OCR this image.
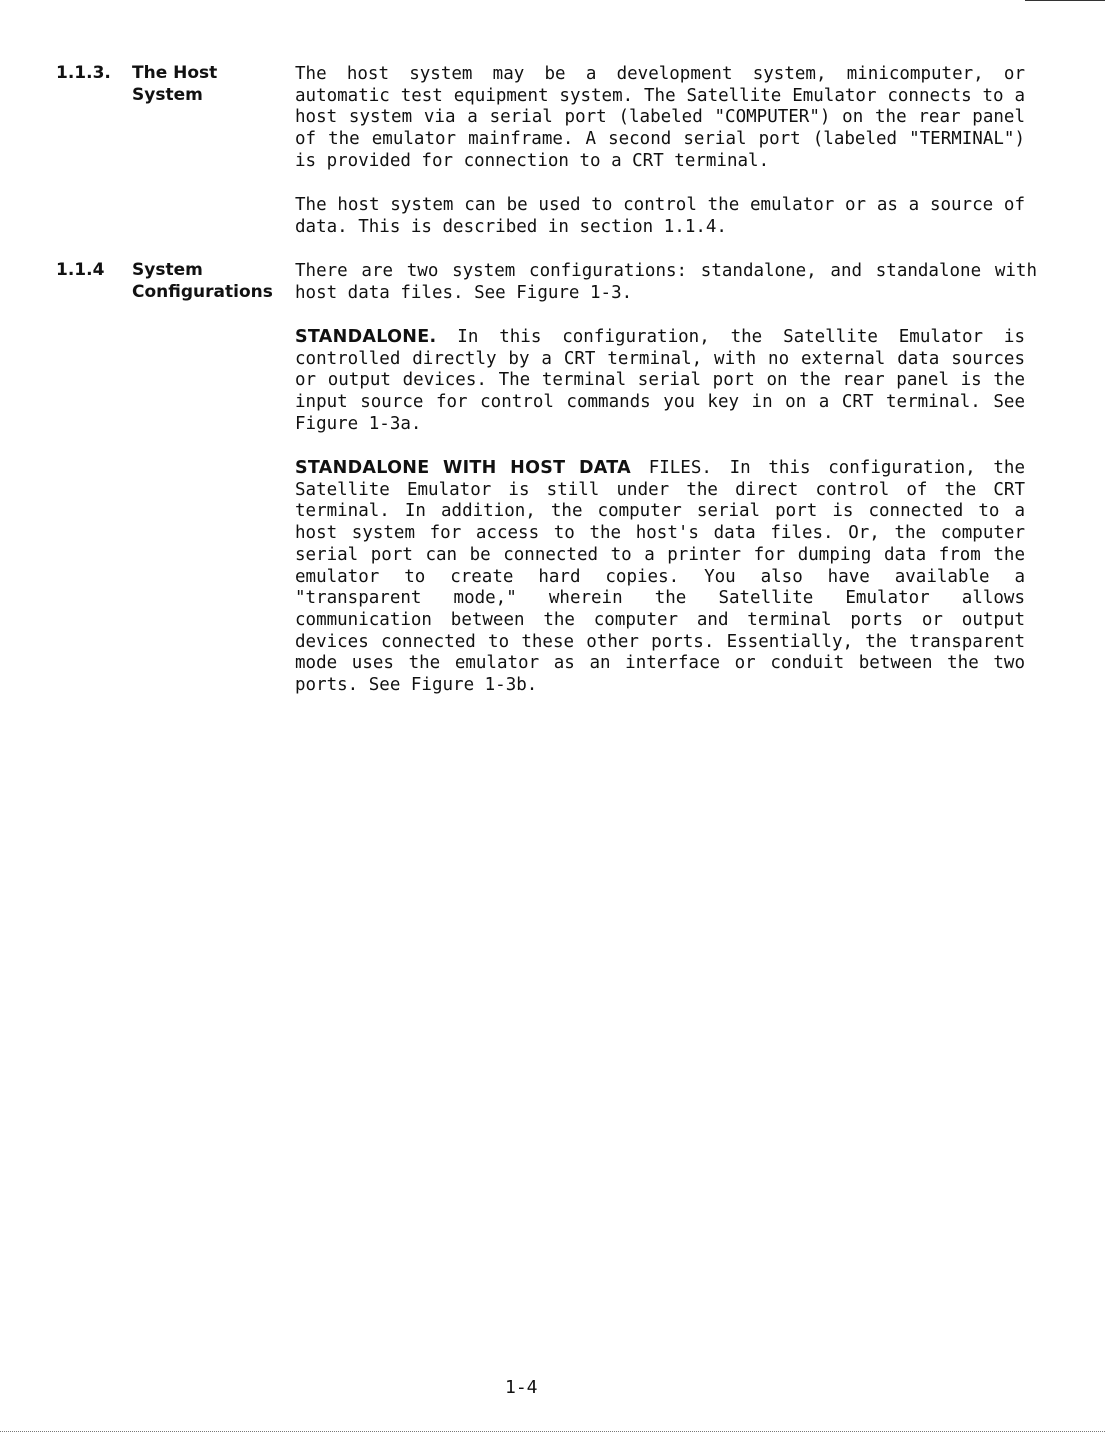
1.1.3. The Host
System

The host system may be a development system, minicomputer, or automatic test equipment system. The Satellite Emulator connects to a host system via a serial port (labeled "COMPUTER") on the rear panel of the emulator mainframe. A second serial port (labeled "TERMINAL") is provided for connection to a CRT terminal.

The host system can be used to control the emulator or as a source of data. This is described in section 1.1.4.

1.1.4 System
Configurations

There are two system configurations: standalone, and standalone with host data files. See Figure 1-3.

STANDALONE. In this configuration, the Satellite Emulator is controlled directly by a CRT terminal, with no external data sources or output devices. The terminal serial port on the rear panel is the input source for control commands you key in on a CRT terminal. See Figure 1-3a.

STANDALONE WITH HOST DATA FILES. In this configuration, the Satellite Emulator is still under the direct control of the CRT terminal. In addition, the computer serial port is connected to a host system for access to the host's data files. Or, the computer serial port can be connected to a printer for dumping data from the emulator to create hard copies. You also have available a "transparent mode," wherein the Satellite Emulator allows communication between the computer and terminal ports or output devices connected to these other ports. Essentially, the transparent mode uses the emulator as an interface or conduit between the two ports. See Figure 1-3b.

1-4
